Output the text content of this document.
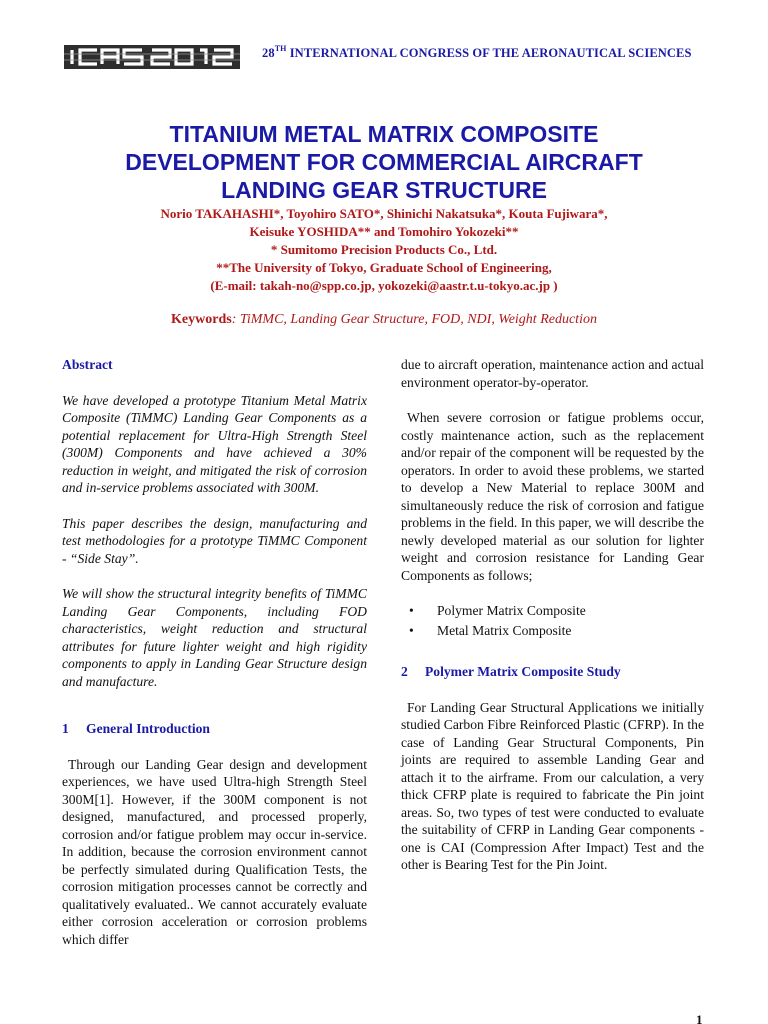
ICAS 2012
28TH INTERNATIONAL CONGRESS OF THE AERONAUTICAL SCIENCES
TITANIUM METAL MATRIX COMPOSITE
DEVELOPMENT FOR COMMERCIAL AIRCRAFT
LANDING GEAR STRUCTURE
Norio TAKAHASHI*, Toyohiro SATO*, Shinichi Nakatsuka*, Kouta Fujiwara*,
Keisuke YOSHIDA** and Tomohiro Yokozeki**
* Sumitomo Precision Products Co., Ltd.
**The University of Tokyo, Graduate School of Engineering,
(E-mail: takah-no@spp.co.jp, yokozeki@aastr.t.u-tokyo.ac.jp )
Keywords: TiMMC, Landing Gear Structure, FOD, NDI, Weight Reduction
Abstract

We have developed a prototype Titanium Metal Matrix Composite (TiMMC) Landing Gear Components as a potential replacement for Ultra-High Strength Steel (300M) Components and have achieved a 30% reduction in weight, and mitigated the risk of corrosion and in-service problems associated with 300M.

This paper describes the design, manufacturing and test methodologies for a prototype TiMMC Component - “Side Stay”.

We will show the structural integrity benefits of TiMMC Landing Gear Components, including FOD characteristics, weight reduction and structural attributes for future lighter weight and high rigidity components to apply in Landing Gear Structure design and manufacture.

1 General Introduction

Through our Landing Gear design and development experiences, we have used Ultra-high Strength Steel 300M[1]. However, if the 300M component is not designed, manufactured, and processed properly, corrosion and/or fatigue problem may occur in-service. In addition, because the corrosion environment cannot be perfectly simulated during Qualification Tests, the corrosion mitigation processes cannot be correctly and qualitatively evaluated.. We cannot accurately evaluate either corrosion acceleration or corrosion problems which differ

due to aircraft operation, maintenance action and actual environment operator-by-operator.

When severe corrosion or fatigue problems occur, costly maintenance action, such as the replacement and/or repair of the component will be requested by the operators. In order to avoid these problems, we started to develop a New Material to replace 300M and simultaneously reduce the risk of corrosion and fatigue problems in the field. In this paper, we will describe the newly developed material as our solution for lighter weight and corrosion resistance for Landing Gear Components as follows;

• Polymer Matrix Composite
• Metal Matrix Composite
2 Polymer Matrix Composite Study

For Landing Gear Structural Applications we initially studied Carbon Fibre Reinforced Plastic (CFRP). In the case of Landing Gear Structural Components, Pin joints are required to assemble Landing Gear and attach it to the airframe. From our calculation, a very thick CFRP plate is required to fabricate the Pin joint areas. So, two types of test were conducted to evaluate the suitability of CFRP in Landing Gear components - one is CAI (Compression After Impact) Test and the other is Bearing Test for the Pin Joint.

1
